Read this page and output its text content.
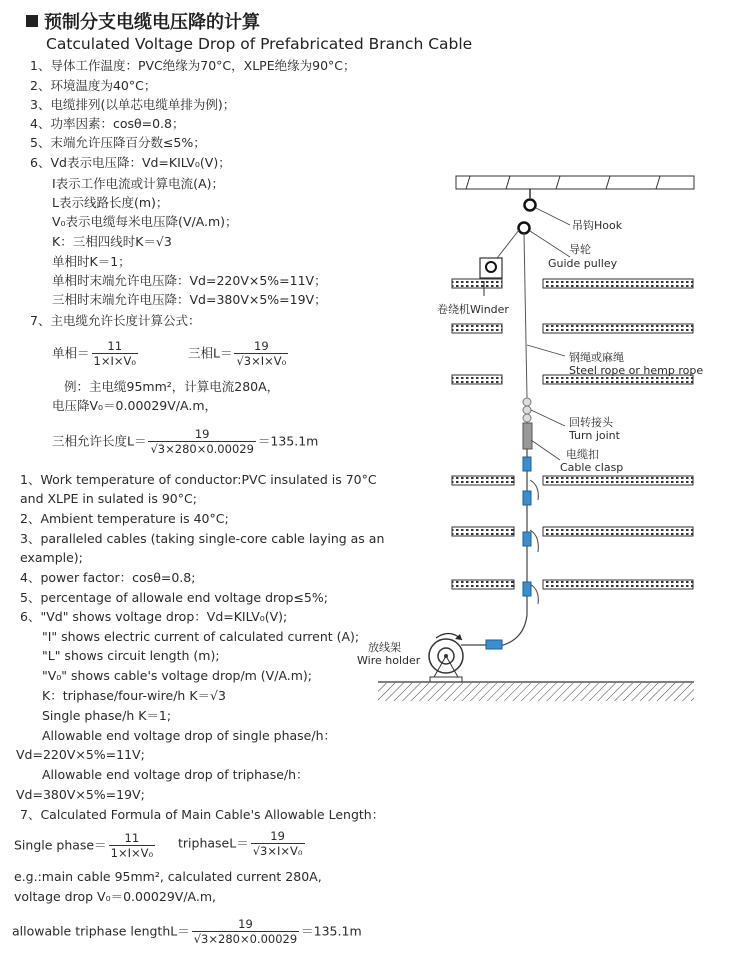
预制分支电缆电压降的计算
Catculated Voltage Drop of Prefabricated Branch Cable
1、导体工作温度：PVC绝缘为70°C，XLPE绝缘为90°C；
2、环境温度为40°C；
3、电缆排列(以单芯电缆单排为例)；
4、功率因素：cosθ=0.8；
5、末端允许压降百分数≤5%；
6、Vd表示电压降：Vd=KILV₀(V)；
I表示工作电流或计算电流(A)；
L表示线路长度(m)；
V₀表示电缆每米电压降(V/A.m)；
K：三相四线时K＝√3
单相时K＝1；
单相时末端允许电压降：Vd=220V×5%=11V；
三相时末端允许电压降：Vd=380V×5%=19V；
7、主电缆允许长度计算公式：
单相＝ $\frac{11}{\text{1×I×V₀}}$	三相$L= \frac{19}{\text{√3×I×V₀}}$
例：主电缆95mm²，计算电流280A，
电压降V₀＝0.00029V/A.m，
三相允许长度$L= \frac{19}{√3\times 280\times 0.00029} =135.1m$
1、Work temperature of conductor:PVC insulated is 70°C
and XLPE in sulated is 90°C;
2、Ambient temperature is 40°C;
3、paralleled cables (taking single-core cable laying as an
example);
4、power factor：cosθ=0.8;
5、percentage of allowale end voltage drop≤5%;
6、"Vd" shows voltage drop：Vd=KILV₀(V);
"I" shows electric current of calculated current (A);
"L" shows circuit length (m);
"V₀" shows cable's voltage drop/m (V/A.m);
K：triphase/four-wire/h K＝√3
Single phase/h K＝1;
Allowable end voltage drop of single phase/h：
Vd=220V×5%=11V;
Allowable end voltage drop of triphase/h：
Vd=380V×5%=19V;
7、Calculated Formula of Main Cable's Allowable Length：
Single phase＝ $\frac{11}{\text{1×I×V₀}}$ triphaseL＝ $\frac{19}{\text{√3×I×V₀}}$
e.g.:main cable 95mm², calculated current 280A,
voltage drop V₀＝0.00029V/A.m,
allowable triphase lengthL＝ $\frac{19}{√3\times 280\times 0.00029} =135.1m$
吊钩Hook
导轮
Guide pulley
卷绕机Winder
钢绳或麻绳
Steel rope or hemp rope
回转接头
Turn joint
电缆扣
Cable clasp
放线架
Wire holder
